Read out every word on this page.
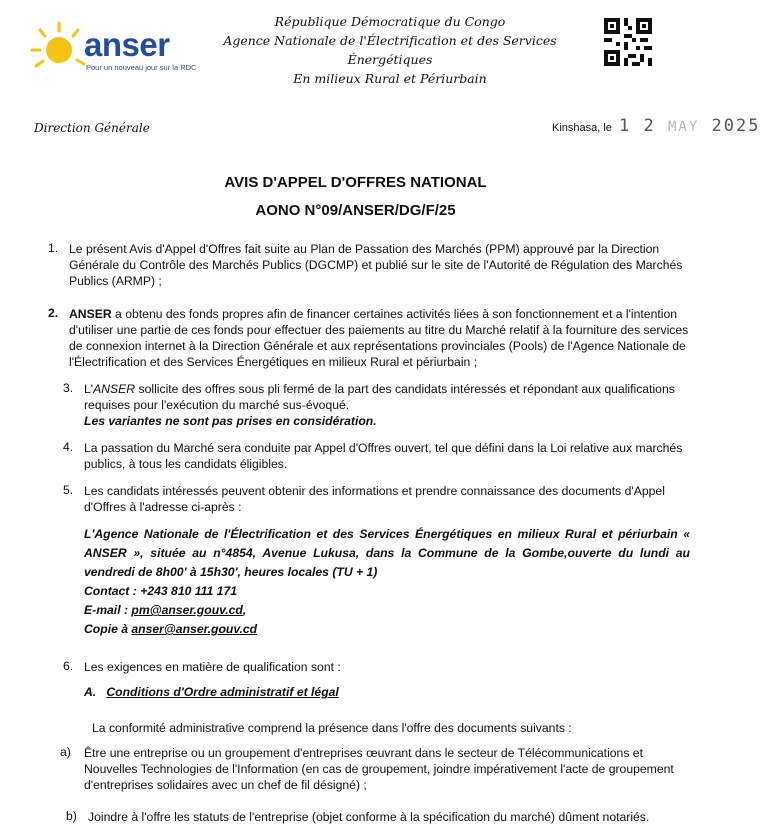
anser
Pour un nouveau jour sur la RDC
République Démocratique du Congo
Agence Nationale de l'Électrification et des Services Énergétiques
En milieux Rural et Périurbain
Direction Générale	Kinshasa, le 1 2 MAY 2025
AVIS D'APPEL D'OFFRES NATIONAL
AONO N°09/ANSER/DG/F/25
1. Le présent Avis d'Appel d'Offres fait suite au Plan de Passation des Marchés (PPM) approuvé par la Direction Générale du Contrôle des Marchés Publics (DGCMP) et publié sur le site de l'Autorité de Régulation des Marchés Publics (ARMP) ;
2. ANSER a obtenu des fonds propres afin de financer certaines activités liées à son fonctionnement et a l'intention d'utiliser une partie de ces fonds pour effectuer des paiements au titre du Marché relatif à la fourniture des services de connexion internet à la Direction Générale et aux représentations provinciales (Pools) de l'Agence Nationale de l'Électrification et des Services Énergétiques en milieux Rural et périurbain ;
3. L'ANSER sollicite des offres sous pli fermé de la part des candidats intéressés et répondant aux qualifications requises pour l'exécution du marché sus-évoqué.
Les variantes ne sont pas prises en considération.
4. La passation du Marché sera conduite par Appel d'Offres ouvert, tel que défini dans la Loi relative aux marchés publics, à tous les candidats éligibles.
5. Les candidats intéressés peuvent obtenir des informations et prendre connaissance des documents d'Appel d'Offres à l'adresse ci-après :
L'Agence Nationale de l'Électrification et des Services Énergétiques en milieux Rural et périurbain « ANSER », située au n°4854, Avenue Lukusa, dans la Commune de la Gombe,ouverte du lundi au vendredi de 8h00' à 15h30', heures locales (TU + 1)
Contact : +243 810 111 171
E-mail : pm@anser.gouv.cd,
Copie à anser@anser.gouv.cd
6. Les exigences en matière de qualification sont :
A. Conditions d'Ordre administratif et légal
La conformité administrative comprend la présence dans l'offre des documents suivants :
a) Être une entreprise ou un groupement d'entreprises œuvrant dans le secteur de Télécommunications et Nouvelles Technologies de l'Information (en cas de groupement, joindre impérativement l'acte de groupement d'entreprises solidaires avec un chef de fil désigné) ;
b) Joindre à l'offre les statuts de l'entreprise (objet conforme à la spécification du marché) dûment notariés.
